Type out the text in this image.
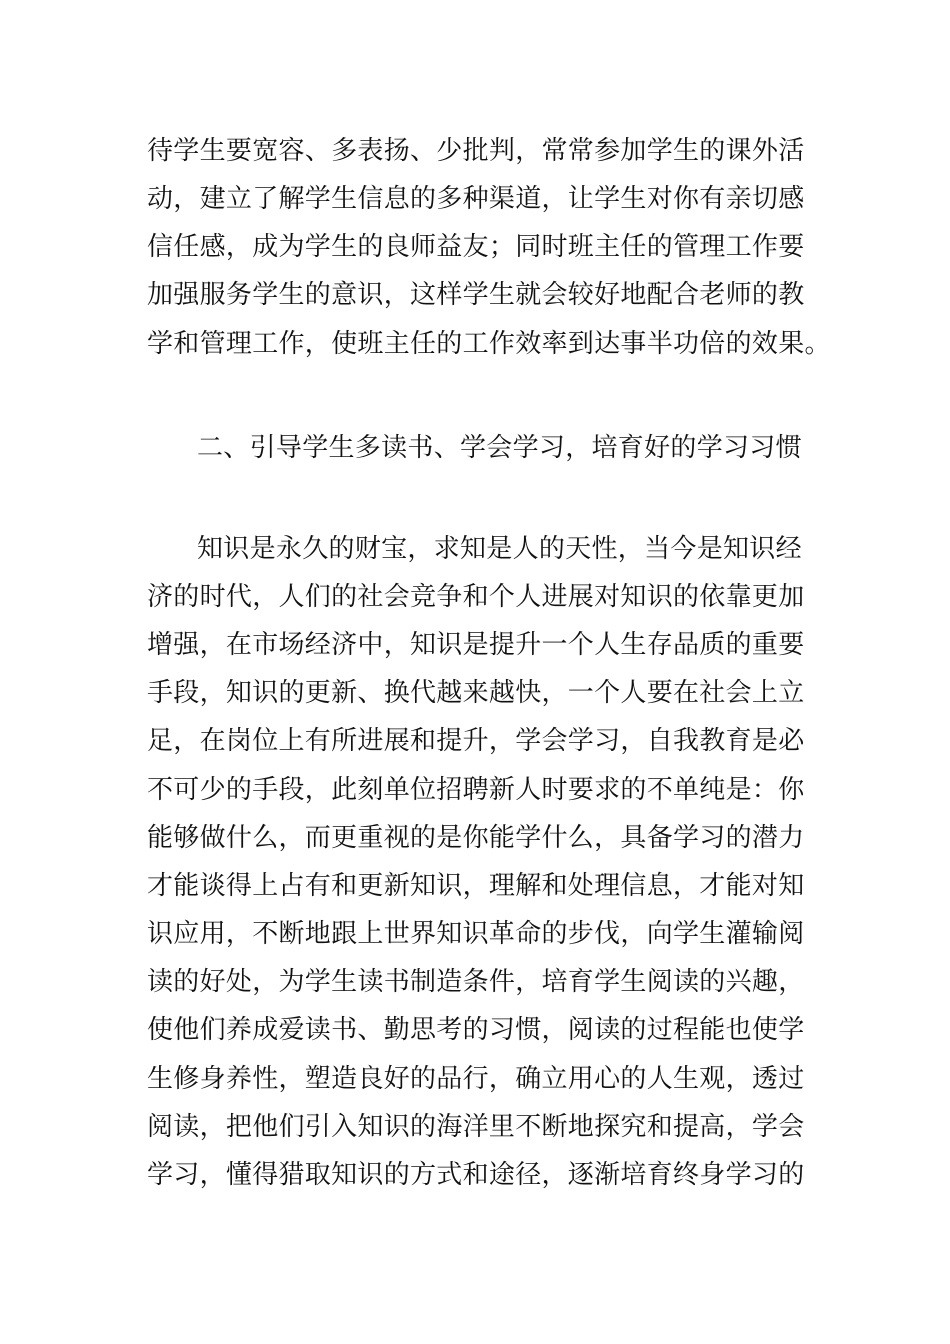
待学生要宽容、多表扬、少批判，常常参加学生的课外活
动，建立了解学生信息的多种渠道，让学生对你有亲切感
信任感，成为学生的良师益友；同时班主任的管理工作要
加强服务学生的意识，这样学生就会较好地配合老师的教
学和管理工作，使班主任的工作效率到达事半功倍的效果。
二、引导学生多读书、学会学习，培育好的学习习惯
知识是永久的财宝，求知是人的天性，当今是知识经
济的时代，人们的社会竞争和个人进展对知识的依靠更加
增强，在市场经济中，知识是提升一个人生存品质的重要
手段，知识的更新、换代越来越快，一个人要在社会上立
足，在岗位上有所进展和提升，学会学习，自我教育是必
不可少的手段，此刻单位招聘新人时要求的不单纯是：你
能够做什么，而更重视的是你能学什么，具备学习的潜力
才能谈得上占有和更新知识，理解和处理信息，才能对知
识应用，不断地跟上世界知识革命的步伐，向学生灌输阅
读的好处，为学生读书制造条件，培育学生阅读的兴趣，
使他们养成爱读书、勤思考的习惯，阅读的过程能也使学
生修身养性，塑造良好的品行，确立用心的人生观，透过
阅读，把他们引入知识的海洋里不断地探究和提高，学会
学习，懂得猎取知识的方式和途径，逐渐培育终身学习的
